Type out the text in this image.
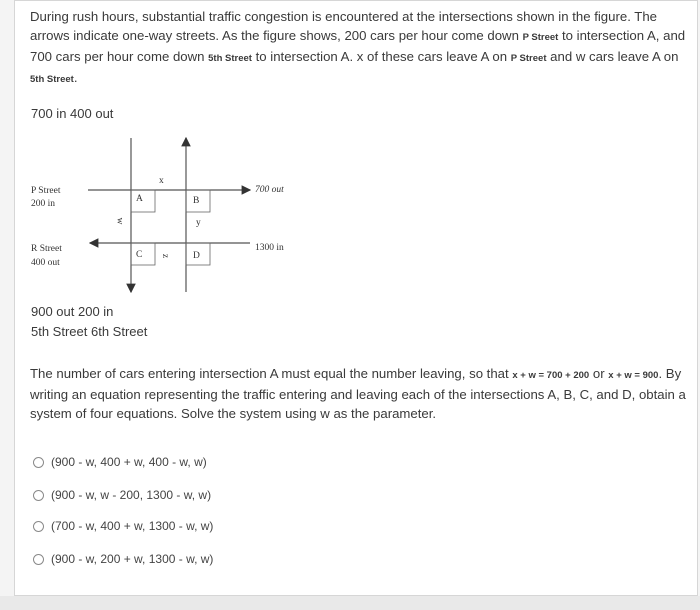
During rush hours, substantial traffic congestion is encountered at the intersections shown in the figure. The arrows indicate one-way streets. As the figure shows, 200 cars per hour come down P Street to intersection A, and 700 cars per hour come down 5th Street to intersection A. x of these cars leave A on P Street and w cars leave A on 5th Street.
700 in 400 out
P Street
200 in
R Street
400 out
700 out
1300 in
A	B
C	D
x
w	y
z
900 out 200 in
5th Street 6th Street
The number of cars entering intersection A must equal the number leaving, so that x + w = 700 + 200 or x + w = 900. By writing an equation representing the traffic entering and leaving each of the intersections A, B, C, and D, obtain a system of four equations. Solve the system using w as the parameter.
(900 - w, 400 + w, 400 - w, w)
(900 - w, w - 200, 1300 - w, w)
(700 - w, 400 + w, 1300 - w, w)
(900 - w, 200 + w, 1300 - w, w)
